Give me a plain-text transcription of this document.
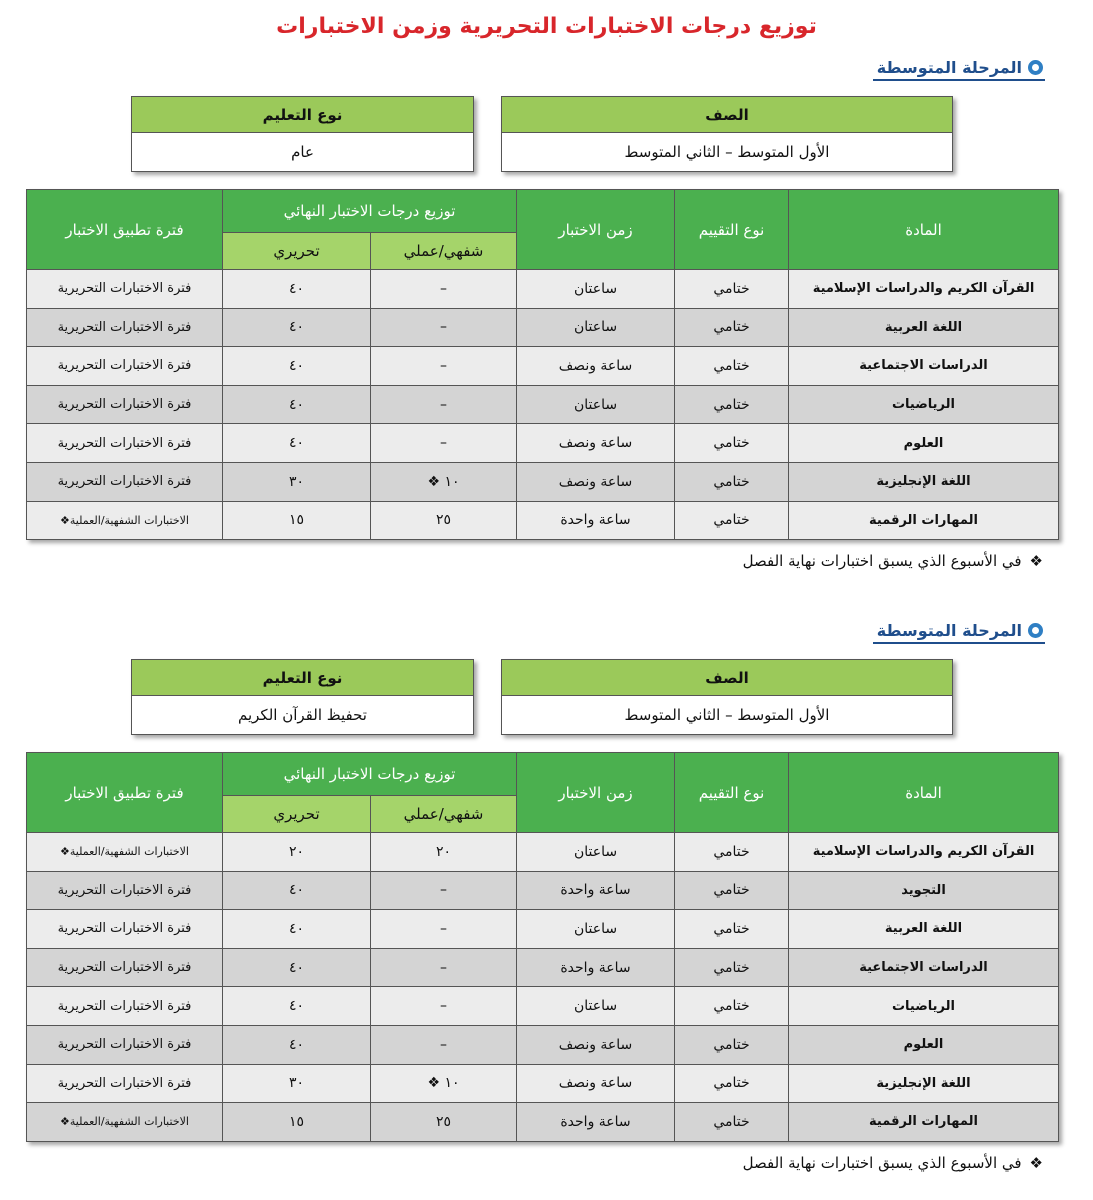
توزيع درجات الاختبارات التحريرية وزمن الاختبارات
المرحلة المتوسطة
الصف
الأول المتوسط – الثاني المتوسط
نوع التعليم
عام
المادة	نوع التقييم	زمن الاختبار	توزيع درجات الاختبار النهائي		فترة تطبيق الاختبار
			شفهي/عملي	تحريري	
القرآن الكريم والدراسات الإسلامية	ختامي	ساعتان	–	٤٠	فترة الاختبارات التحريرية
اللغة العربية	ختامي	ساعتان	–	٤٠	فترة الاختبارات التحريرية
الدراسات الاجتماعية	ختامي	ساعة ونصف	–	٤٠	فترة الاختبارات التحريرية
الرياضيات	ختامي	ساعتان	–	٤٠	فترة الاختبارات التحريرية
العلوم	ختامي	ساعة ونصف	–	٤٠	فترة الاختبارات التحريرية
اللغة الإنجليزية	ختامي	ساعة ونصف	١٠ ❖	٣٠	فترة الاختبارات التحريرية
المهارات الرقمية	ختامي	ساعة واحدة	٢٥	١٥	الاختبارات الشفهية/العملية❖
❖
في الأسبوع الذي يسبق اختبارات نهاية الفصل
المرحلة المتوسطة
الصف
الأول المتوسط – الثاني المتوسط
نوع التعليم
تحفيظ القرآن الكريم
المادة	نوع التقييم	زمن الاختبار	توزيع درجات الاختبار النهائي		فترة تطبيق الاختبار
			شفهي/عملي	تحريري	
القرآن الكريم والدراسات الإسلامية	ختامي	ساعتان	٢٠	٢٠	الاختبارات الشفهية/العملية❖
التجويد	ختامي	ساعة واحدة	–	٤٠	فترة الاختبارات التحريرية
اللغة العربية	ختامي	ساعتان	–	٤٠	فترة الاختبارات التحريرية
الدراسات الاجتماعية	ختامي	ساعة واحدة	–	٤٠	فترة الاختبارات التحريرية
الرياضيات	ختامي	ساعتان	–	٤٠	فترة الاختبارات التحريرية
العلوم	ختامي	ساعة ونصف	–	٤٠	فترة الاختبارات التحريرية
اللغة الإنجليزية	ختامي	ساعة ونصف	١٠ ❖	٣٠	فترة الاختبارات التحريرية
المهارات الرقمية	ختامي	ساعة واحدة	٢٥	١٥	الاختبارات الشفهية/العملية❖
❖
في الأسبوع الذي يسبق اختبارات نهاية الفصل
